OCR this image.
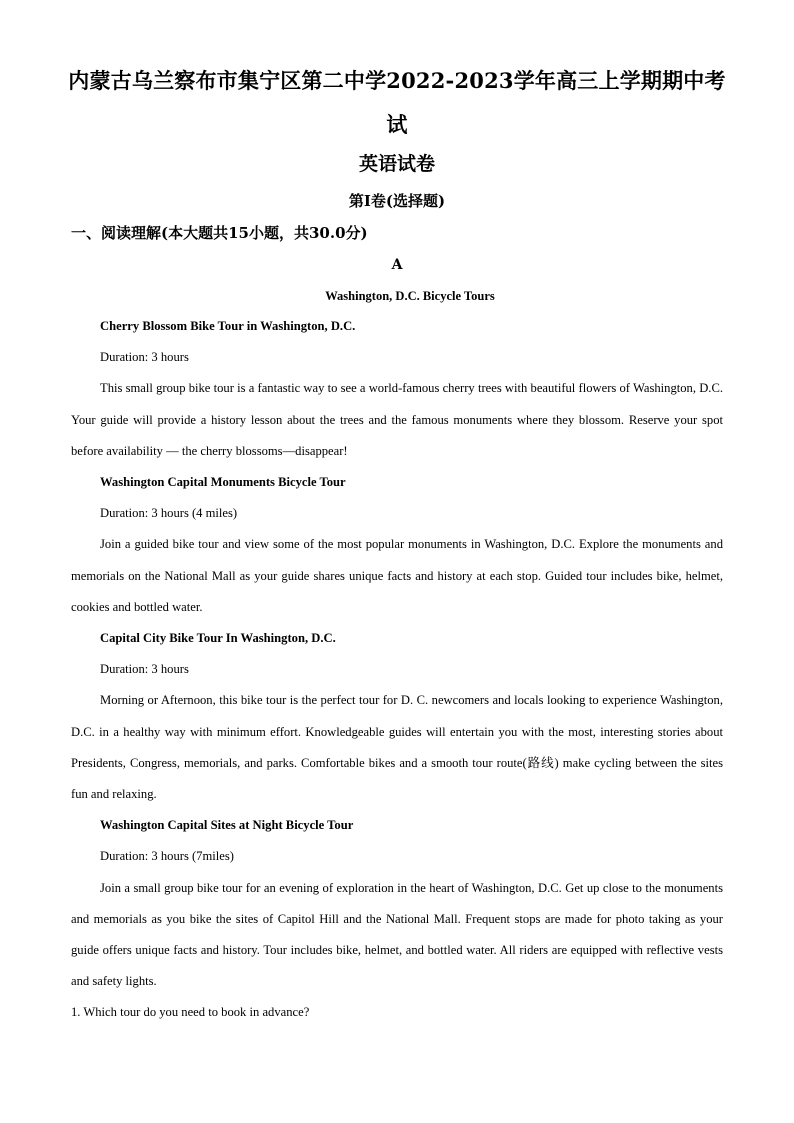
内蒙古乌兰察布市集宁区第二中学2022-2023学年高三上学期期中考
试
英语试卷
第Ⅰ卷(选择题)
一、阅读理解(本大题共15小题，共30.0分)
A
Washington, D.C. Bicycle Tours

Cherry Blossom Bike Tour in Washington, D.C.

Duration: 3 hours

This small group bike tour is a fantastic way to see a world-famous cherry trees with beautiful flowers of Washington, D.C. Your guide will provide a history lesson about the trees and the famous monuments where they blossom. Reserve your spot before availability — the cherry blossoms—disappear!

Washington Capital Monuments Bicycle Tour

Duration: 3 hours (4 miles)

Join a guided bike tour and view some of the most popular monuments in Washington, D.C. Explore the monuments and memorials on the National Mall as your guide shares unique facts and history at each stop. Guided tour includes bike, helmet, cookies and bottled water.

Capital City Bike Tour In Washington, D.C.

Duration: 3 hours

Morning or Afternoon, this bike tour is the perfect tour for D. C. newcomers and locals looking to experience Washington, D.C. in a healthy way with minimum effort. Knowledgeable guides will entertain you with the most, interesting stories about Presidents, Congress, memorials, and parks. Comfortable bikes and a smooth tour route(路线) make cycling between the sites fun and relaxing.

Washington Capital Sites at Night Bicycle Tour

Duration: 3 hours (7miles)

Join a small group bike tour for an evening of exploration in the heart of Washington, D.C. Get up close to the monuments and memorials as you bike the sites of Capitol Hill and the National Mall. Frequent stops are made for photo taking as your guide offers unique facts and history. Tour includes bike, helmet, and bottled water. All riders are equipped with reflective vests and safety lights.

1. Which tour do you need to book in advance?
